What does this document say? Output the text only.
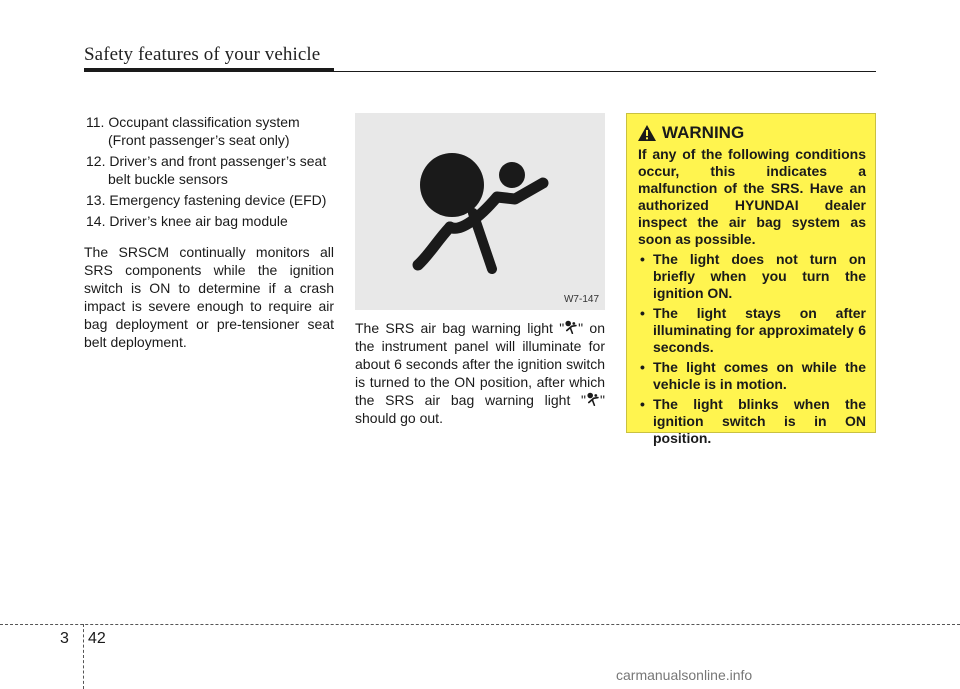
Safety features of your vehicle
11. Occupant classification system (Front passenger’s seat only)
12. Driver’s and front passenger’s seat belt buckle sensors
13. Emergency fastening device (EFD)
14. Driver’s knee air bag module
The SRSCM continually monitors all SRS components while the ignition switch is ON to determine if a crash impact is severe enough to require air bag deployment or pre-tensioner seat belt deployment.
W7-147
The SRS air bag warning light " " on the instrument panel will illuminate for about 6 seconds after the ignition switch is turned to the ON position, after which the SRS air bag warning light " " should go out.
WARNING
If any of the following conditions occur, this indicates a malfunction of the SRS. Have an authorized HYUNDAI dealer inspect the air bag system as soon as possible.
• The light does not turn on briefly when you turn the ignition ON.
• The light stays on after illuminating for approximately 6 seconds.
• The light comes on while the vehicle is in motion.
• The light blinks when the ignition switch is in ON position.
3 42
carmanualsonline.info
